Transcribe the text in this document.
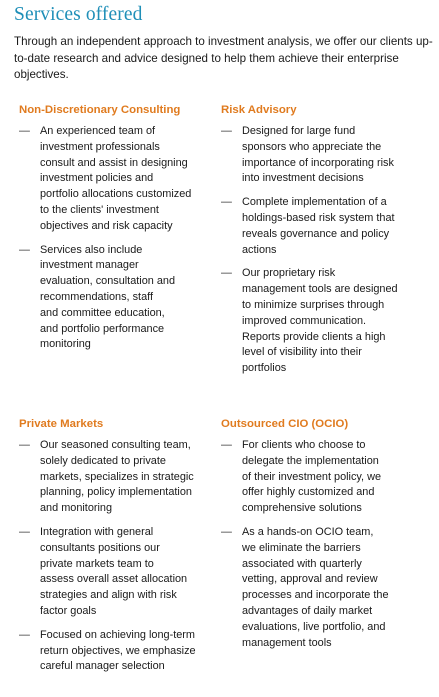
Services offered

Through an independent approach to investment analysis, we offer our clients up-to-date research and advice designed to help them achieve their enterprise objectives.

Non-Discretionary Consulting
— An experienced team of
investment professionals
consult and assist in designing
investment policies and
portfolio allocations customized
to the clients' investment
objectives and risk capacity
— Services also include
investment manager
evaluation, consultation and
recommendations, staff
and committee education,
and portfolio performance
monitoring
Risk Advisory
— Designed for large fund
sponsors who appreciate the
importance of incorporating risk
into investment decisions
— Complete implementation of a
holdings-based risk system that
reveals governance and policy
actions
— Our proprietary risk
management tools are designed
to minimize surprises through
improved communication.
Reports provide clients a high
level of visibility into their
portfolios
Private Markets
— Our seasoned consulting team,
solely dedicated to private
markets, specializes in strategic
planning, policy implementation
and monitoring
— Integration with general
consultants positions our
private markets team to
assess overall asset allocation
strategies and align with risk
factor goals
— Focused on achieving long-term
return objectives, we emphasize
careful manager selection
Outsourced CIO (OCIO)
— For clients who choose to
delegate the implementation
of their investment policy, we
offer highly customized and
comprehensive solutions
— As a hands-on OCIO team,
we eliminate the barriers
associated with quarterly
vetting, approval and review
processes and incorporate the
advantages of daily market
evaluations, live portfolio, and
management tools
